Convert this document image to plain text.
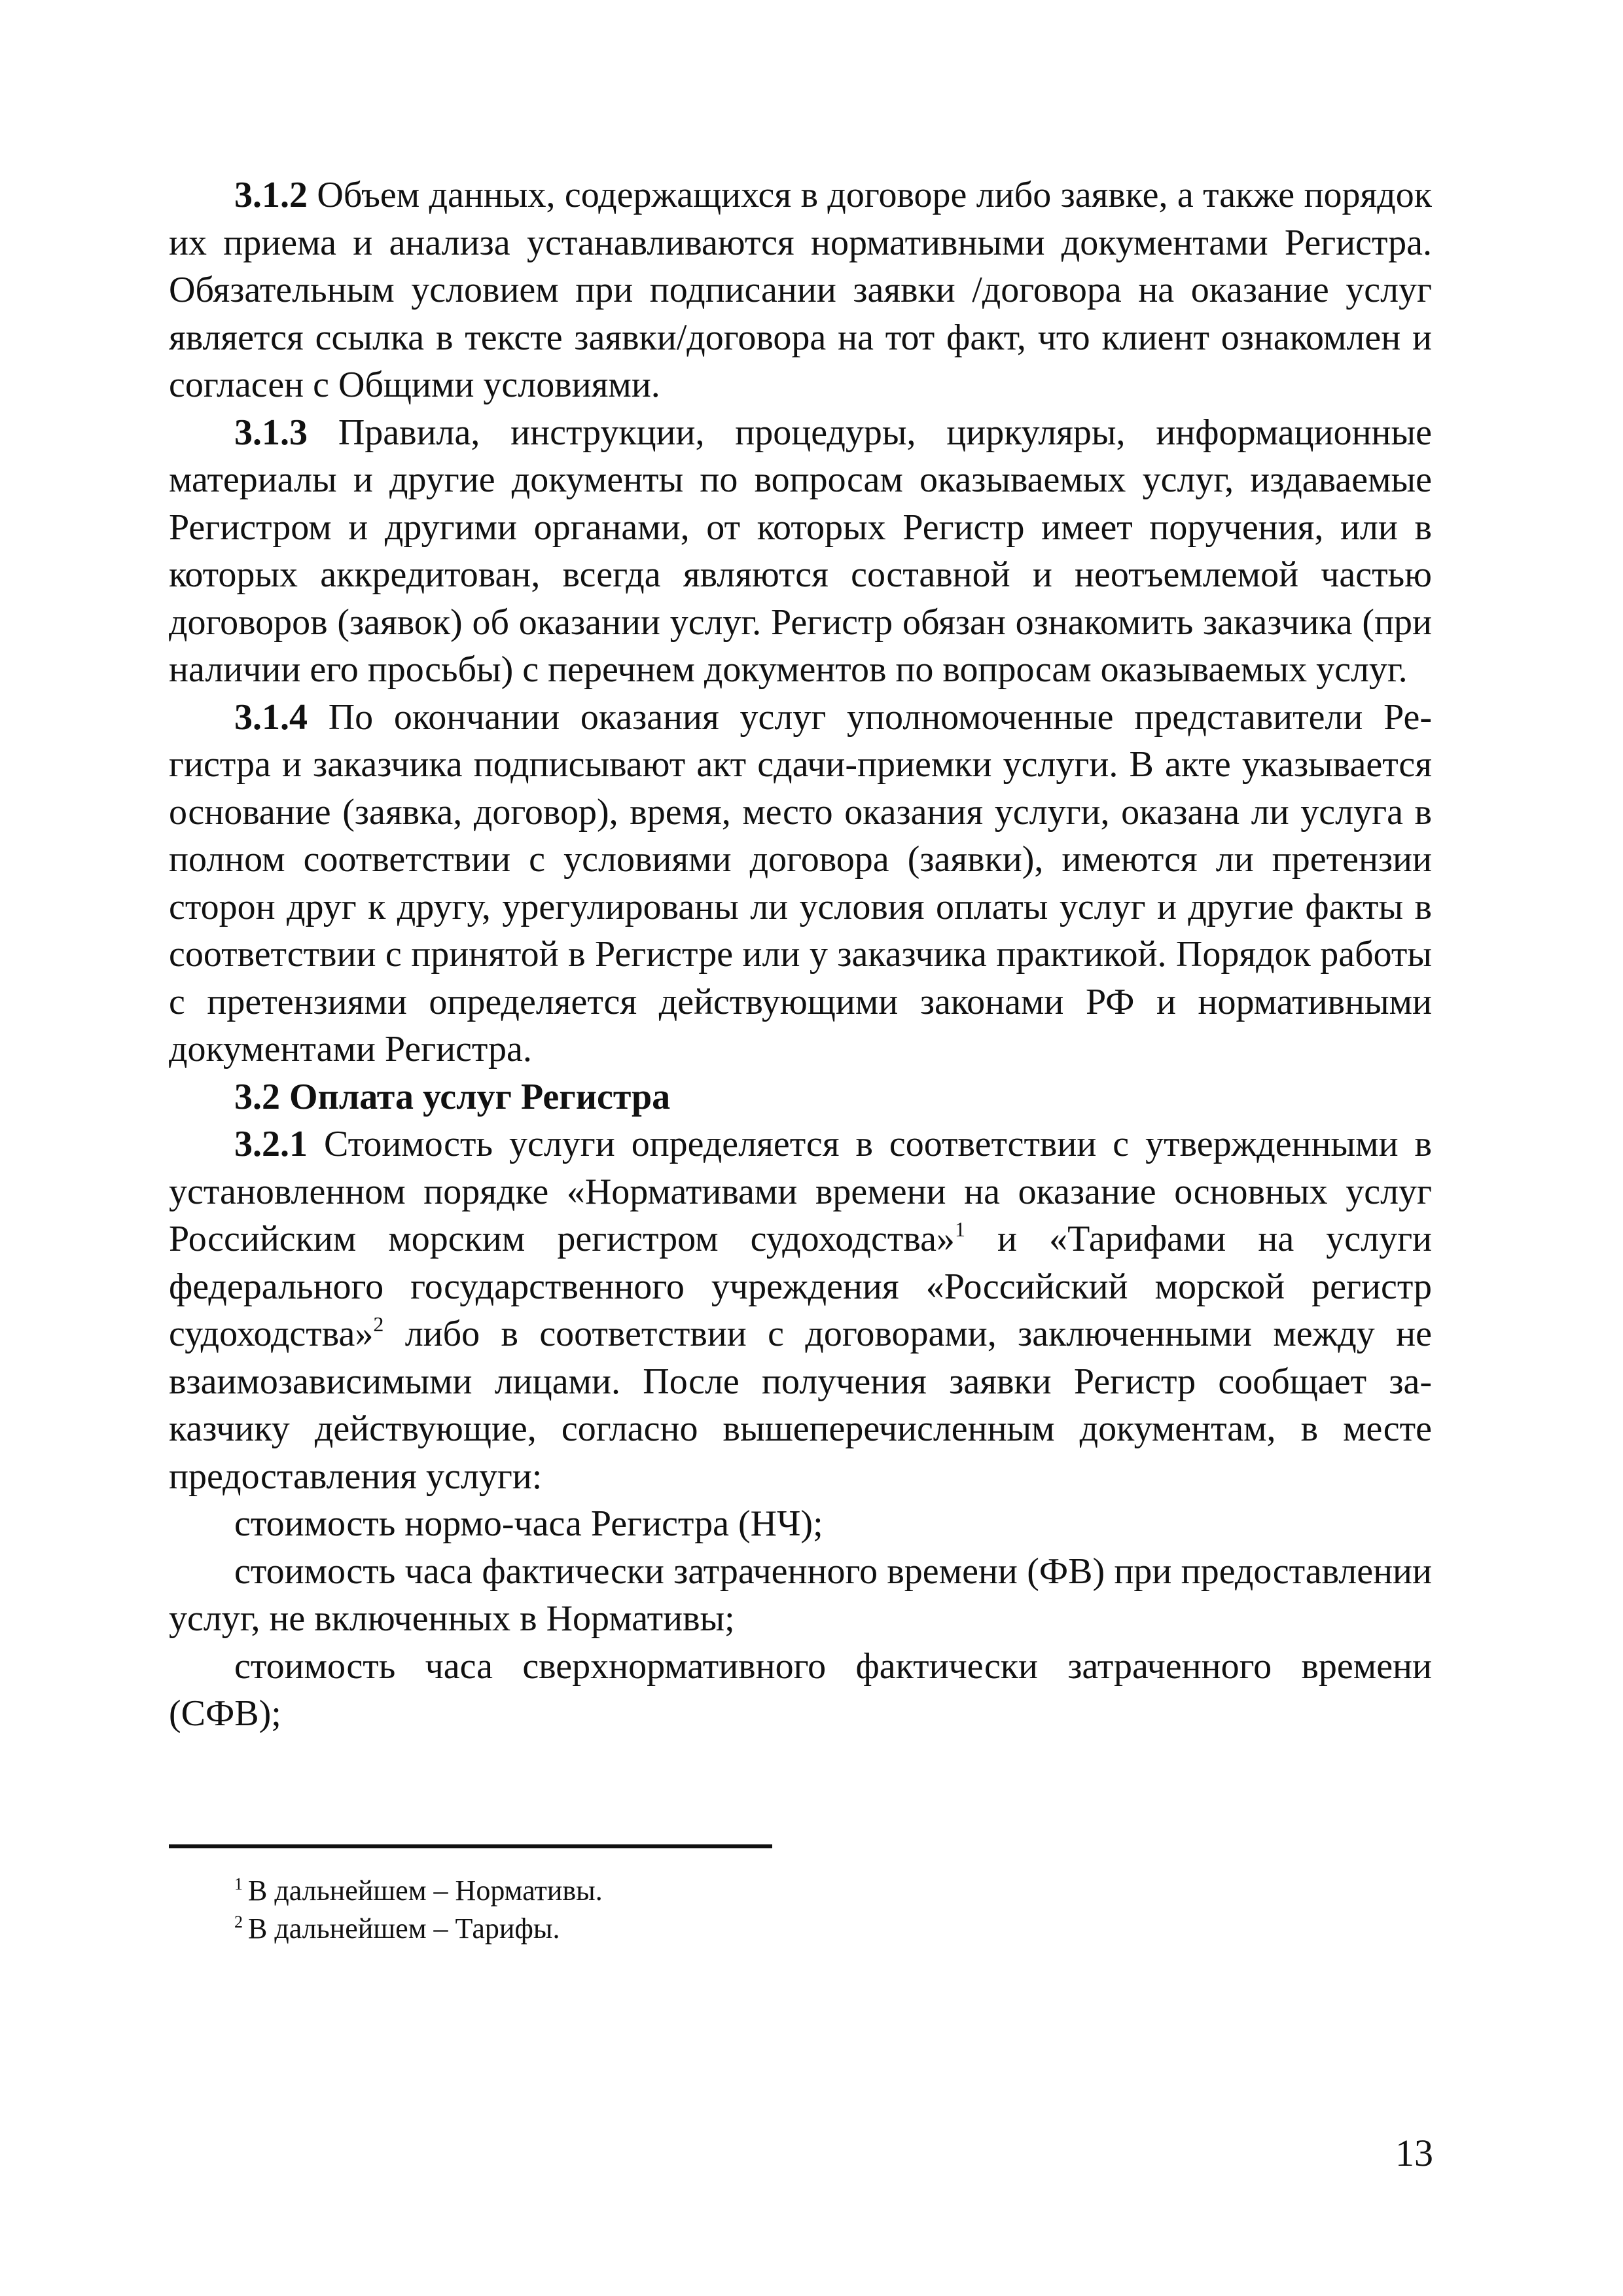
3.1.2 Объем данных, содержащихся в договоре либо заявке, а также порядок их приема и анализа устанавливаются нормативными документами Регистра. Обязательным условием при подписании заявки /договора на оказание услуг является ссылка в тексте заявки/договора на тот факт, что клиент ознакомлен и согласен с Общими условиями.

3.1.3 Правила, инструкции, процедуры, циркуляры, информационные материалы и другие документы по вопросам оказываемых услуг, издаваемые Регистром и другими органами, от которых Регистр имеет поручения, или в которых аккредитован, всегда являются составной и неотъемлемой частью договоров (заявок) об оказании услуг. Регистр обязан ознакомить заказчика (при наличии его просьбы) с перечнем документов по вопросам оказываемых услуг.

3.1.4 По окончании оказания услуг уполномоченные представители Регистра и заказчика подписывают акт сдачи-приемки услуги. В акте указывается основание (заявка, договор), время, место оказания услуги, оказана ли услуга в полном соответствии с условиями договора (заявки), имеются ли претензии сторон друг к другу, урегулированы ли условия оплаты услуг и другие факты в соответствии с принятой в Регистре или у заказчика практикой. Порядок работы с претензиями определяется действующими законами РФ и нормативными документами Регистра.

3.2 Оплата услуг Регистра

3.2.1 Стоимость услуги определяется в соответствии с утвержденными в установленном порядке «Нормативами времени на оказание основных услуг Российским морским регистром судоходства»$^1$ и «Тарифами на услуги федерального государственного учреждения «Российский морской регистр судоходства»$^2$ либо в соответствии с договорами, заключенными между не взаимозависимыми лицами. После получения заявки Регистр сообщает заказчику действующие, согласно вышеперечисленным документам, в месте предоставления услуги:

стоимость нормо-часа Регистра (НЧ);

стоимость часа фактически затраченного времени (ФВ) при предоставлении услуг, не включенных в Нормативы;

стоимость часа сверхнормативного фактически затраченного времени (СФВ);

$^1$ В дальнейшем – Нормативы.

$^2$ В дальнейшем – Тарифы.

13
